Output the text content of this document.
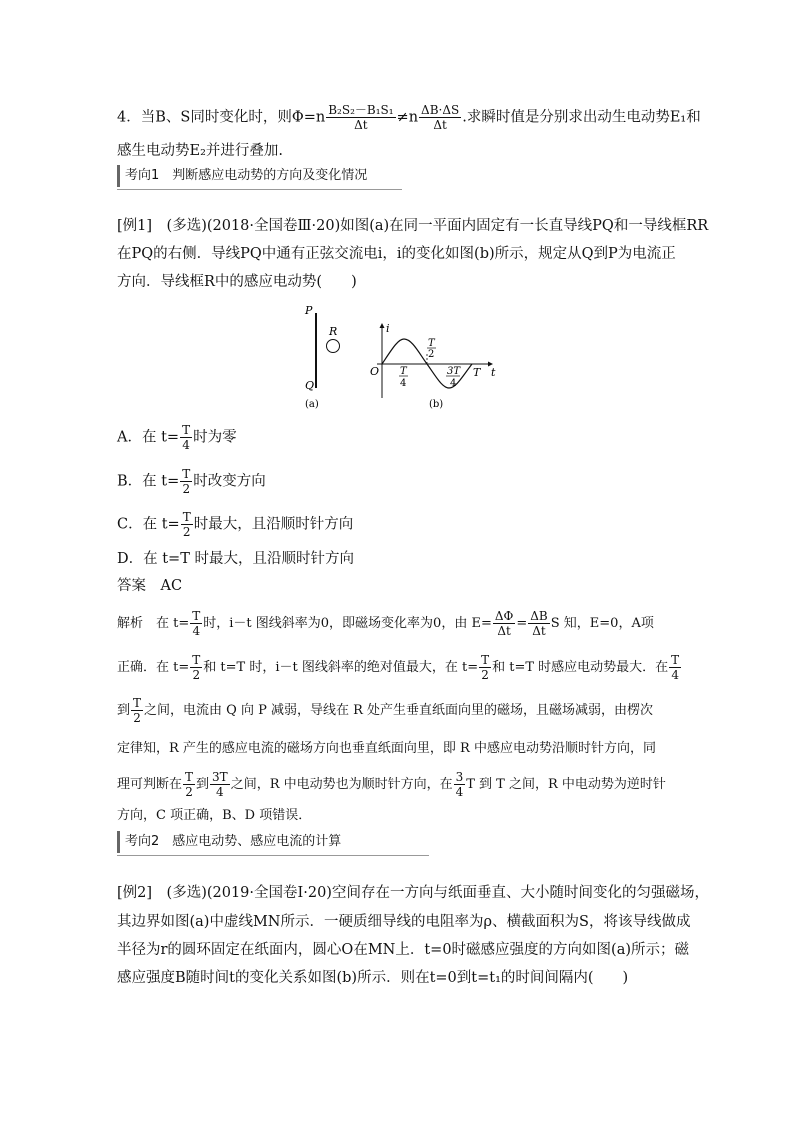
4．当B、S同时变化时，则$\Phi=n \frac{\text{B₂S₂－B₁S₁}}{\Delta t} \ne n \frac{\Delta B\cdot\Delta S}{\Delta t}$ .求瞬时值是分别求出动生电动势E₁和
感生电动势E₂并进行叠加.
考向1　判断感应电动势的方向及变化情况
[例1]　(多选)(2018·全国卷Ⅲ·20)如图(a)在同一平面内固定有一长直导线PQ和一导线框RR
在PQ的右侧．导线PQ中通有正弦交流电i，i的变化如图(b)所示，规定从Q到P为电流正
方向．导线框R中的感应电动势(　　)
P
Q
R
(a)
i
O	t
T
T
2
T
4
3T
4
(b)
A．在 $t= \frac{T}{4}$ 时为零
B．在 $t= \frac{T}{2}$ 时改变方向
C．在 $t= \frac{T}{2}$ 时最大，且沿顺时针方向
D．在 t=T 时最大，且沿顺时针方向
答案　AC
解析　在 $t= \frac{T}{4}$ 时，i－t 图线斜率为0，即磁场变化率为0，由 $E= \frac{\Delta\Phi}{\Delta t} = \frac{\Delta B}{\Delta t}$ S 知，E=0，A项
正确．在 $t= \frac{T}{2}$ 和 t=T 时，i－t 图线斜率的绝对值最大，在 $t= \frac{T}{2}$ 和 t=T 时感应电动势最大．在 $\frac{T}{4}$
到 $\frac{T}{2}$ 之间，电流由 Q 向 P 减弱，导线在 R 处产生垂直纸面向里的磁场，且磁场减弱，由楞次
定律知，R 产生的感应电流的磁场方向也垂直纸面向里，即 R 中感应电动势沿顺时针方向，同
理可判断在 $\frac{T}{2}$ 到 $\frac{3T}{4}$ 之间，R 中电动势也为顺时针方向，在 $\frac{3}{4}$ T 到 T 之间，R 中电动势为逆时针
方向，C 项正确，B、D 项错误．
考向2　感应电动势、感应电流的计算
[例2]　(多选)(2019·全国卷Ⅰ·20)空间存在一方向与纸面垂直、大小随时间变化的匀强磁场，
其边界如图(a)中虚线MN所示．一硬质细导线的电阻率为ρ、横截面积为S，将该导线做成
半径为r的圆环固定在纸面内，圆心O在MN上．t=0时磁感应强度的方向如图(a)所示；磁
感应强度B随时间t的变化关系如图(b)所示．则在t=0到t=t₁的时间间隔内(　　)
